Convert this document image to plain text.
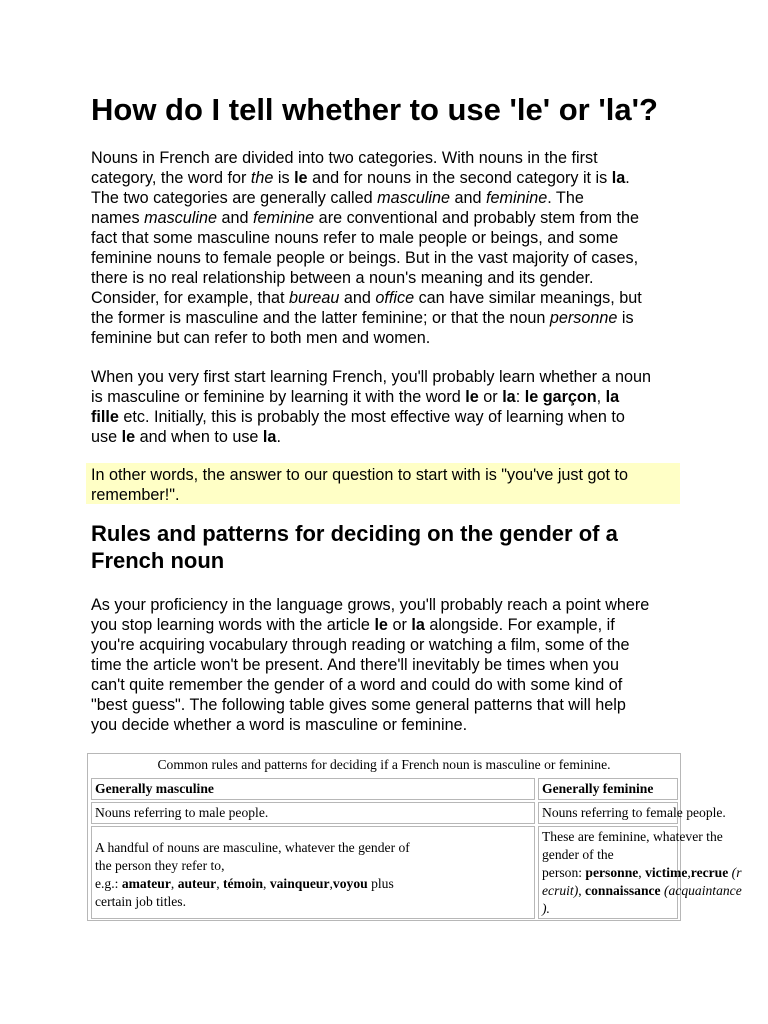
How do I tell whether to use 'le' or 'la'?

Nouns in French are divided into two categories. With nouns in the first
category, the word for the is le and for nouns in the second category it is la.
The two categories are generally called masculine and feminine. The
names masculine and feminine are conventional and probably stem from the
fact that some masculine nouns refer to male people or beings, and some
feminine nouns to female people or beings. But in the vast majority of cases,
there is no real relationship between a noun's meaning and its gender.
Consider, for example, that bureau and office can have similar meanings, but
the former is masculine and the latter feminine; or that the noun personne is
feminine but can refer to both men and women.

When you very first start learning French, you'll probably learn whether a noun
is masculine or feminine by learning it with the word le or la: le garçon, la
fille etc. Initially, this is probably the most effective way of learning when to
use le and when to use la.

In other words, the answer to our question to start with is "you've just got to
remember!".

Rules and patterns for deciding on the gender of a French noun

As your proficiency in the language grows, you'll probably reach a point where
you stop learning words with the article le or la alongside. For example, if
you're acquiring vocabulary through reading or watching a film, some of the
time the article won't be present. And there'll inevitably be times when you
can't quite remember the gender of a word and could do with some kind of
"best guess". The following table gives some general patterns that will help
you decide whether a word is masculine or feminine.

Common rules and patterns for deciding if a French noun is masculine or feminine.
Generally masculine	Generally feminine
Nouns referring to male people.	Nouns referring to female people.
A handful of nouns are masculine, whatever the gender of
the person they refer to,
e.g.: amateur, auteur, témoin, vainqueur,voyou plus
certain job titles.
These are feminine, whatever the
gender of the
person: personne, victime,recrue (r
ecruit), connaissance (acquaintance
).
